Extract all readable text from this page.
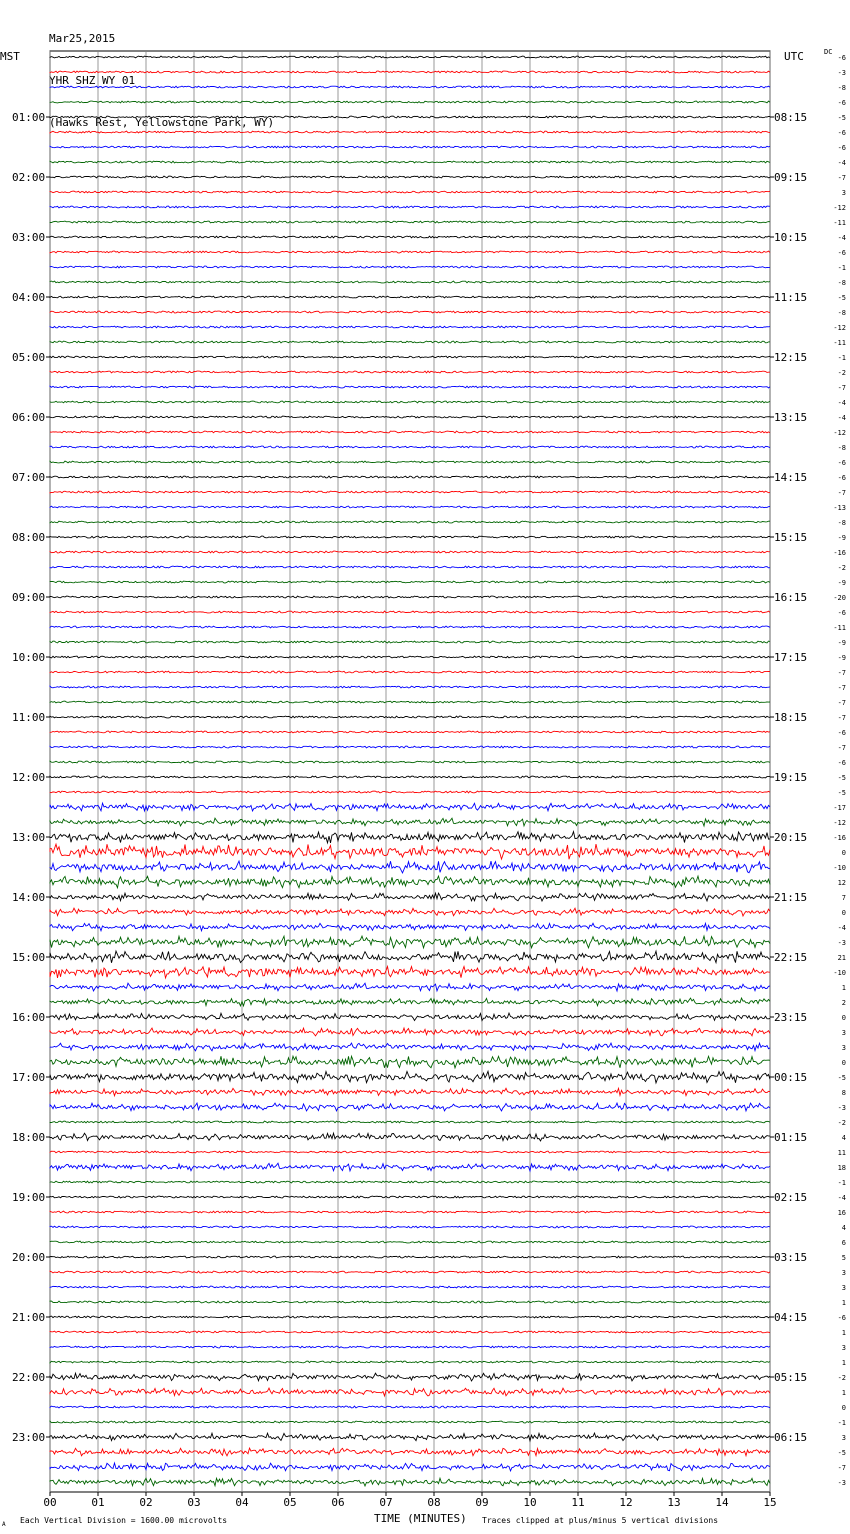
Mar25,2015

YHR SHZ WY 01

(Hawks Rest, Yellowstone Park, WY)

MST	UTC	DC
00	01	02	03	04	05	06	07	08	09	10	11	12	13	14	15
-6
-3
-8
-6
-5
-6
-6
-4
-7
3
-12
-11
-4
-6
-1
-8
-5
-8
-12
-11
-1
-2
-7
-4
-4
-12
-8
-6
-6
-7
-13
-8
-9
-16
-2
-9
-20
-6
-11
-9
-9
-7
-7
-7
-7
-6
-7
-6
-5
-5
-17
-12
-16
0
-10
12
7
0
-4
-3
21
-10
1
2
0
3
3
0
-5
8
-3
-2
4
11
18
-1
-4
16
4
6
5
3
3
1
-6
1
3
1
-2
1
0
-1
3
-5
-7
-3
01:00
02:00
03:00
04:00
05:00
06:00
07:00
08:00
09:00
10:00
11:00
12:00
13:00
14:00
15:00
16:00
17:00
18:00
19:00
20:00
21:00
22:00
23:00
08:15
09:15
10:15
11:15
12:15
13:15
14:15
15:15
16:15
17:15
18:15
19:15
20:15
21:15
22:15
23:15
00:15
01:15
02:15
03:15
04:15
05:15
06:15
A Each Vertical Division = 1600.00 microvolts	TIME (MINUTES) Traces clipped at plus/minus 5 vertical divisions
